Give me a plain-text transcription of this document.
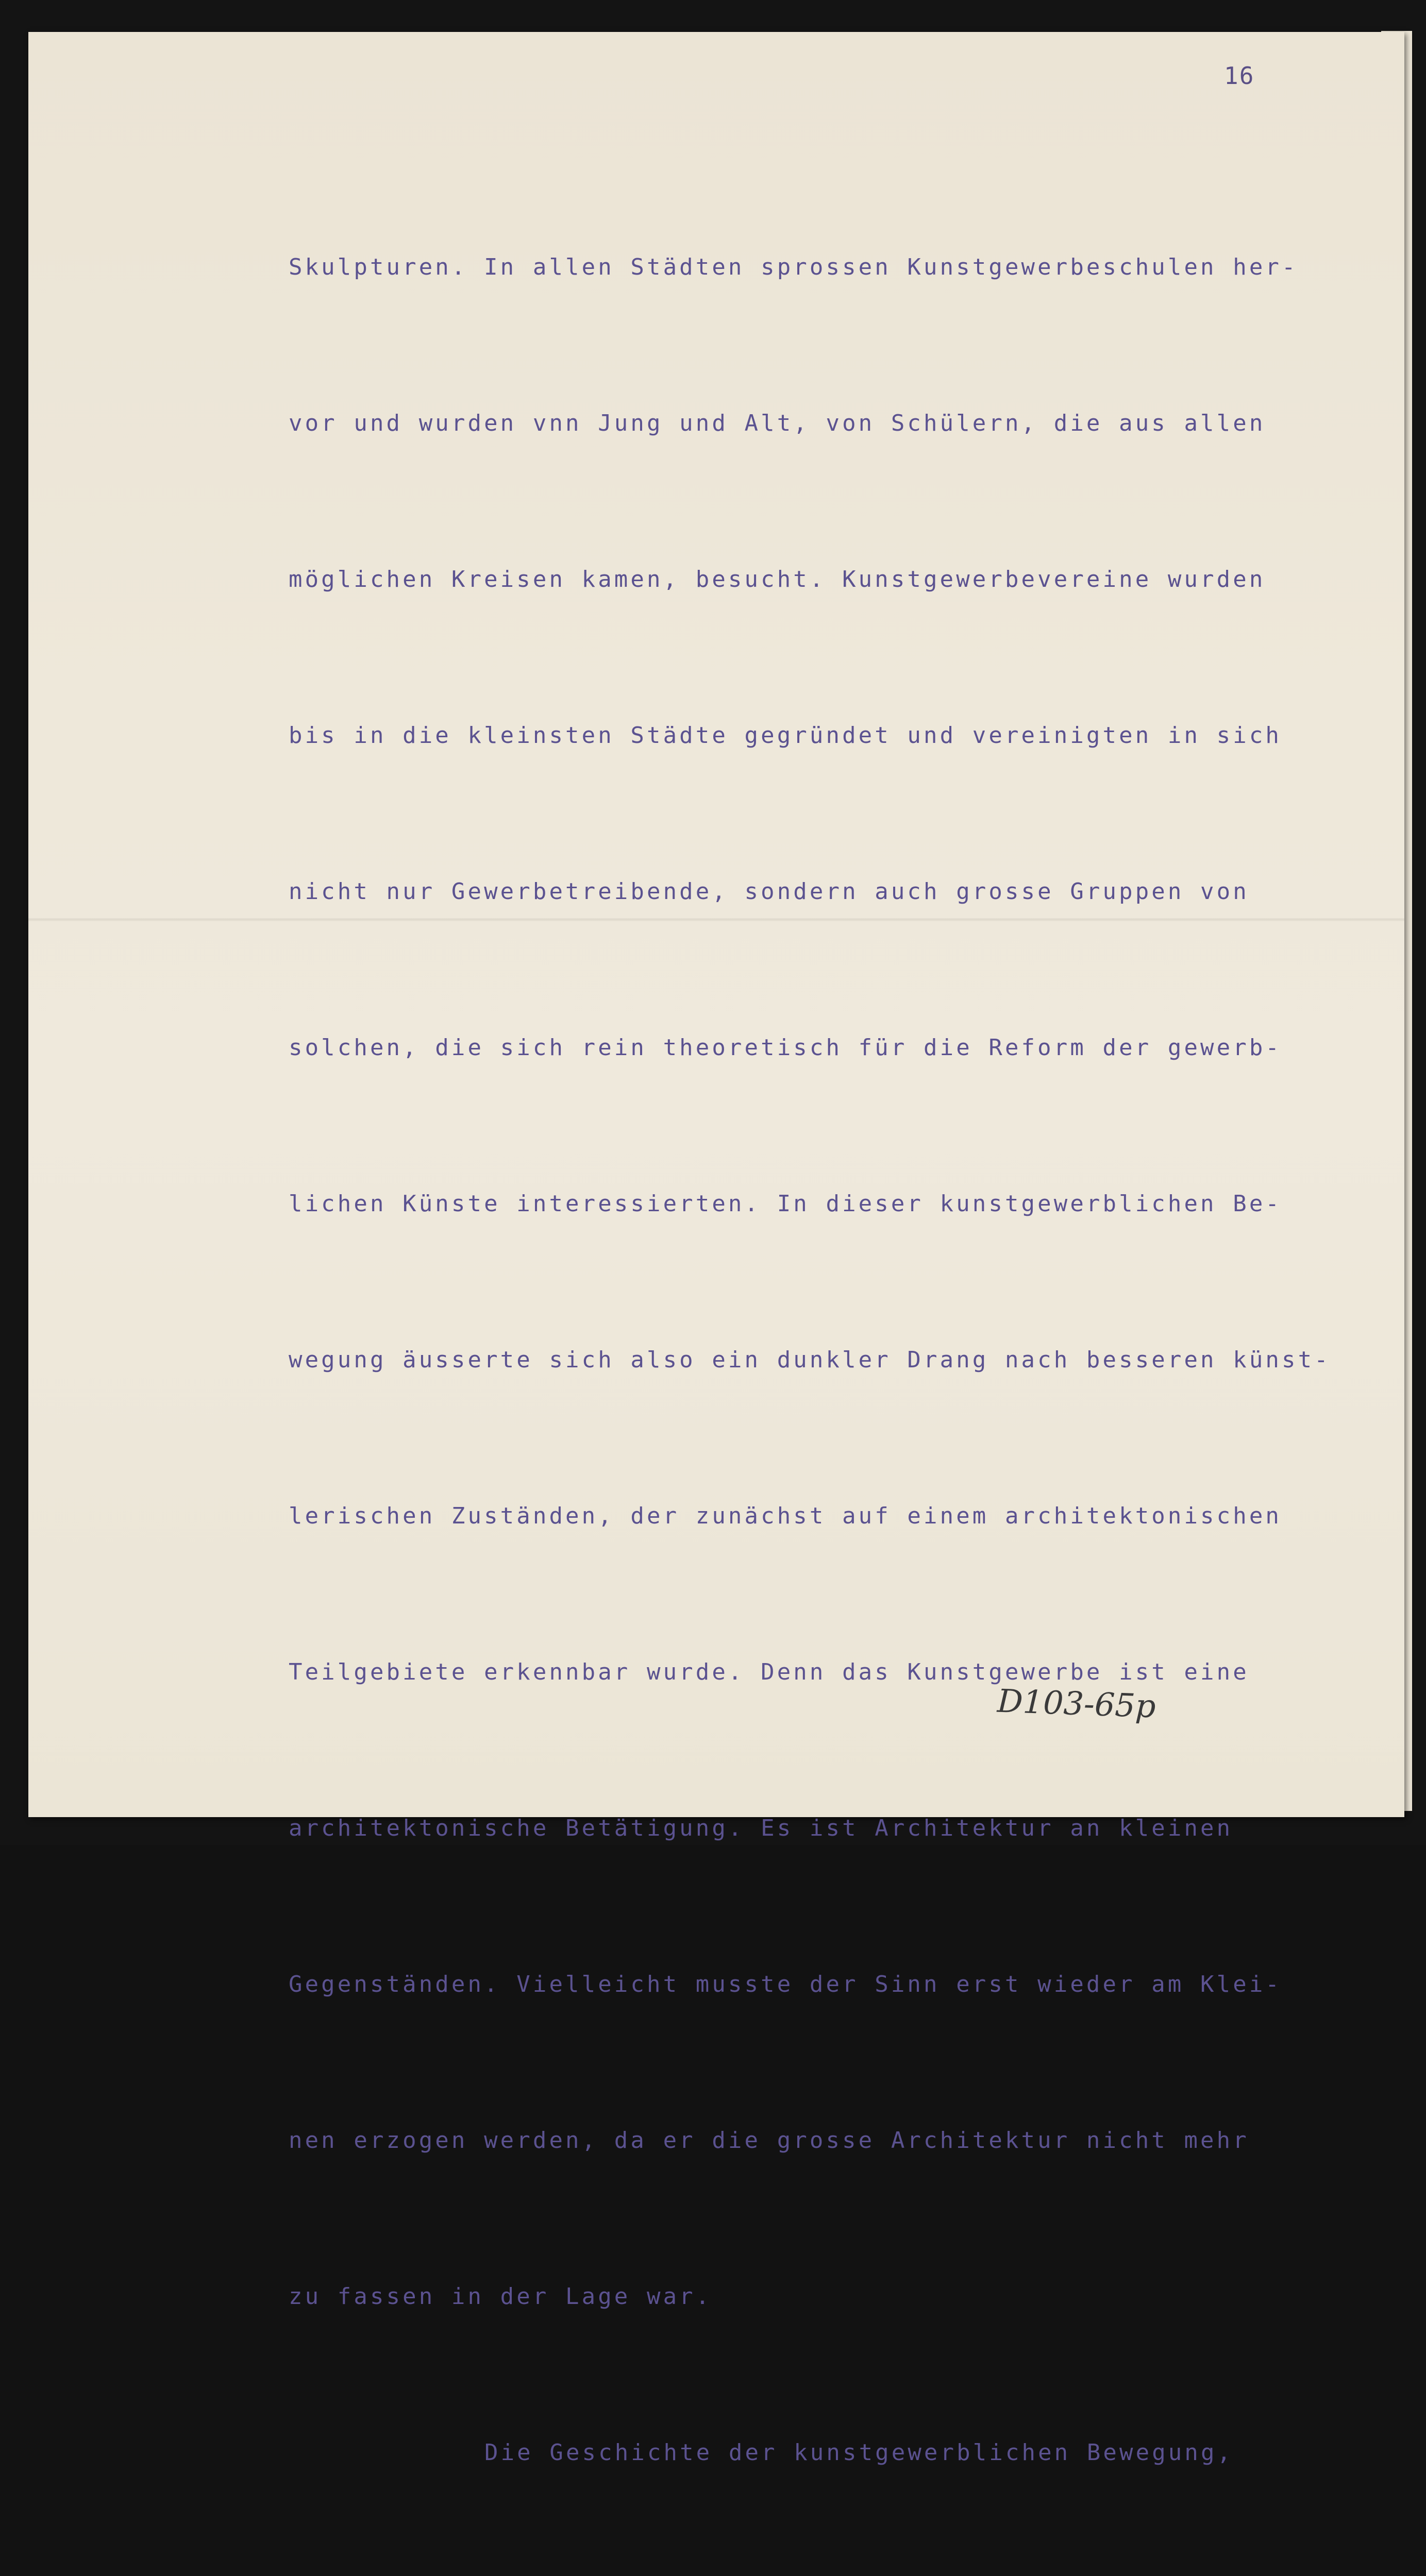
16

Skulpturen. In allen Städten sprossen Kunstgewerbeschulen her-

vor und wurden vnn Jung und Alt, von Schülern, die aus allen

möglichen Kreisen kamen, besucht. Kunstgewerbevereine wurden

bis in die kleinsten Städte gegründet und vereinigten in sich

nicht nur Gewerbetreibende, sondern auch grosse Gruppen von

solchen, die sich rein theoretisch für die Reform der gewerb-

lichen Künste interessierten. In dieser kunstgewerblichen Be-

wegung äusserte sich also ein dunkler Drang nach besseren künst-

lerischen Zuständen, der zunächst auf einem architektonischen

Teilgebiete erkennbar wurde. Denn das Kunstgewerbe ist eine

architektonische Betätigung. Es ist Architektur an kleinen

Gegenständen. Vielleicht musste der Sinn erst wieder am Klei-

nen erzogen werden, da er die grosse Architektur nicht mehr

zu fassen in der Lage war.

Die Geschichte der kunstgewerblichen Bewegung,

D103-65p
